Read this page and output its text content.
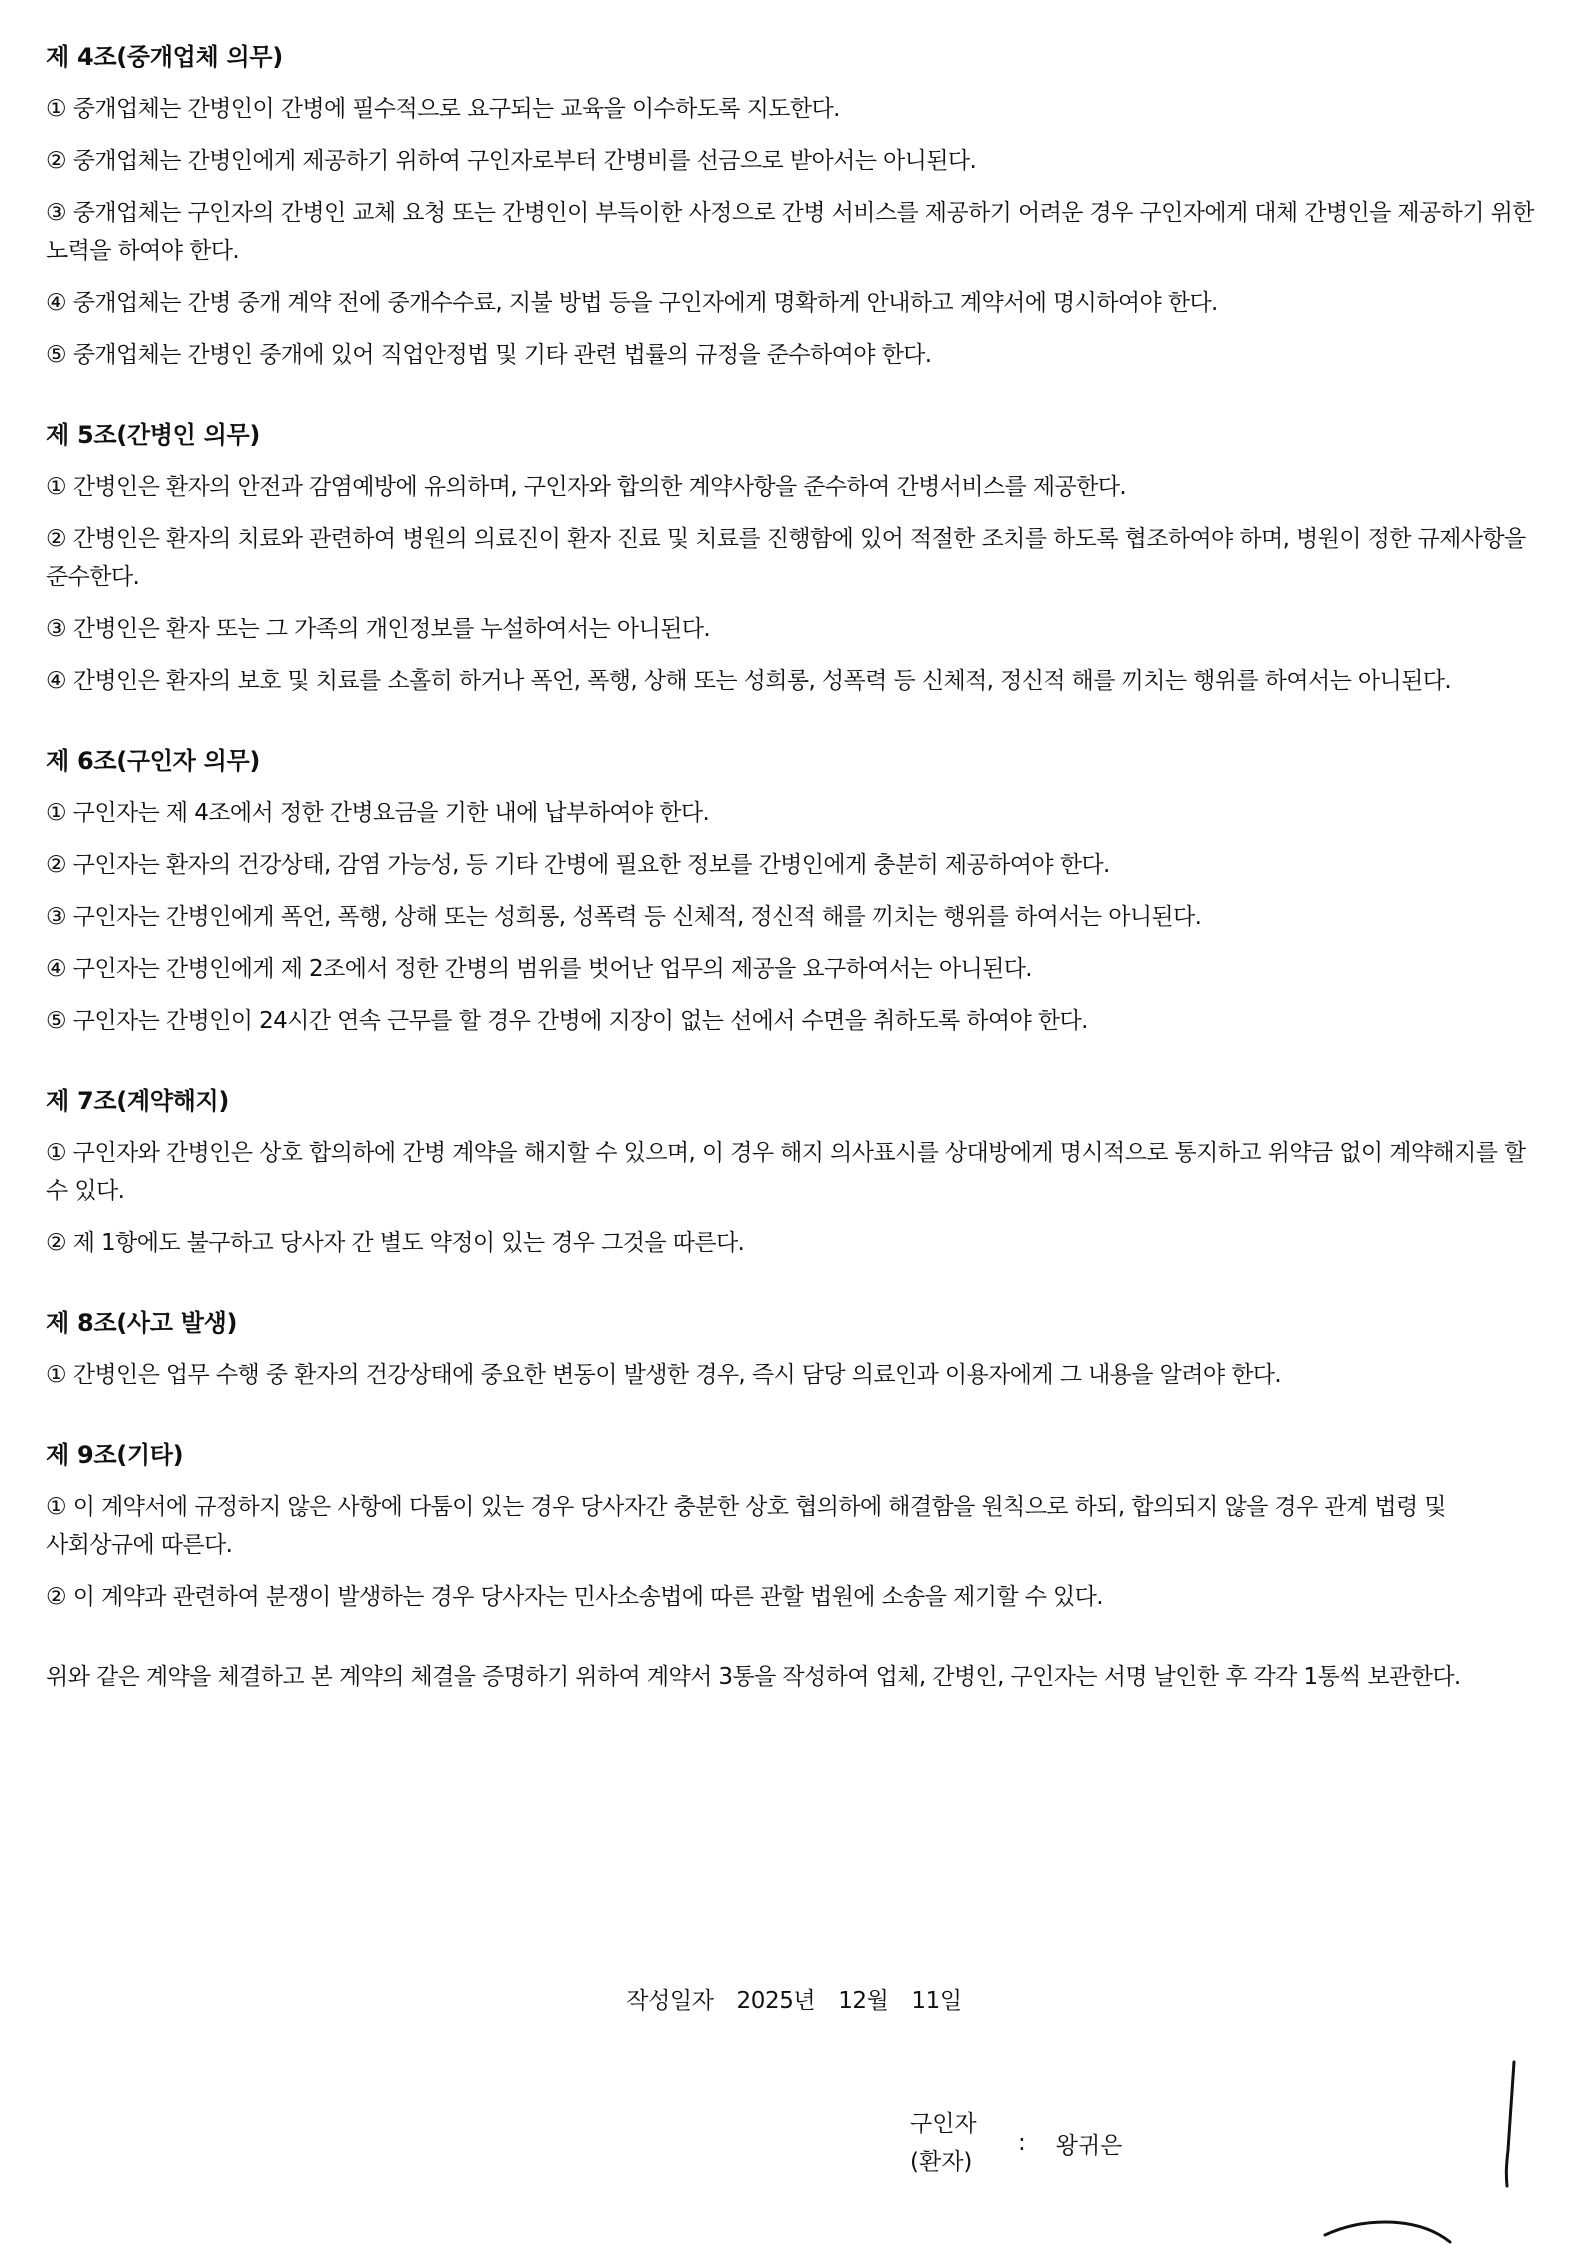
제 4조(중개업체 의무)
① 중개업체는 간병인이 간병에 필수적으로 요구되는 교육을 이수하도록 지도한다.
② 중개업체는 간병인에게 제공하기 위하여 구인자로부터 간병비를 선금으로 받아서는 아니된다.
③ 중개업체는 구인자의 간병인 교체 요청 또는 간병인이 부득이한 사정으로 간병 서비스를 제공하기 어려운 경우 구인자에게 대체 간병인을 제공하기 위한 노력을 하여야 한다.
④ 중개업체는 간병 중개 계약 전에 중개수수료, 지불 방법 등을 구인자에게 명확하게 안내하고 계약서에 명시하여야 한다.
⑤ 중개업체는 간병인 중개에 있어 직업안정법 및 기타 관련 법률의 규정을 준수하여야 한다.
제 5조(간병인 의무)
① 간병인은 환자의 안전과 감염예방에 유의하며, 구인자와 합의한 계약사항을 준수하여 간병서비스를 제공한다.
② 간병인은 환자의 치료와 관련하여 병원의 의료진이 환자 진료 및 치료를 진행함에 있어 적절한 조치를 하도록 협조하여야 하며, 병원이 정한 규제사항을 준수한다.
③ 간병인은 환자 또는 그 가족의 개인정보를 누설하여서는 아니된다.
④ 간병인은 환자의 보호 및 치료를 소홀히 하거나 폭언, 폭행, 상해 또는 성희롱, 성폭력 등 신체적, 정신적 해를 끼치는 행위를 하여서는 아니된다.
제 6조(구인자 의무)
① 구인자는 제 4조에서 정한 간병요금을 기한 내에 납부하여야 한다.
② 구인자는 환자의 건강상태, 감염 가능성, 등 기타 간병에 필요한 정보를 간병인에게 충분히 제공하여야 한다.
③ 구인자는 간병인에게 폭언, 폭행, 상해 또는 성희롱, 성폭력 등 신체적, 정신적 해를 끼치는 행위를 하여서는 아니된다.
④ 구인자는 간병인에게 제 2조에서 정한 간병의 범위를 벗어난 업무의 제공을 요구하여서는 아니된다.
⑤ 구인자는 간병인이 24시간 연속 근무를 할 경우 간병에 지장이 없는 선에서 수면을 취하도록 하여야 한다.
제 7조(계약해지)
① 구인자와 간병인은 상호 합의하에 간병 계약을 해지할 수 있으며, 이 경우 해지 의사표시를 상대방에게 명시적으로 통지하고 위약금 없이 계약해지를 할 수 있다.
② 제 1항에도 불구하고 당사자 간 별도 약정이 있는 경우 그것을 따른다.
제 8조(사고 발생)
① 간병인은 업무 수행 중 환자의 건강상태에 중요한 변동이 발생한 경우, 즉시 담당 의료인과 이용자에게 그 내용을 알려야 한다.
제 9조(기타)
① 이 계약서에 규정하지 않은 사항에 다툼이 있는 경우 당사자간 충분한 상호 협의하에 해결함을 원칙으로 하되, 합의되지 않을 경우 관계 법령 및 사회상규에 따른다.
② 이 계약과 관련하여 분쟁이 발생하는 경우 당사자는 민사소송법에 따른 관할 법원에 소송을 제기할 수 있다.
위와 같은 계약을 체결하고 본 계약의 체결을 증명하기 위하여 계약서 3통을 작성하여 업체, 간병인, 구인자는 서명 날인한 후 각각 1통씩 보관한다.
작성일자 2025년 12월 11일
구인자
(환자)
: 왕귀은
